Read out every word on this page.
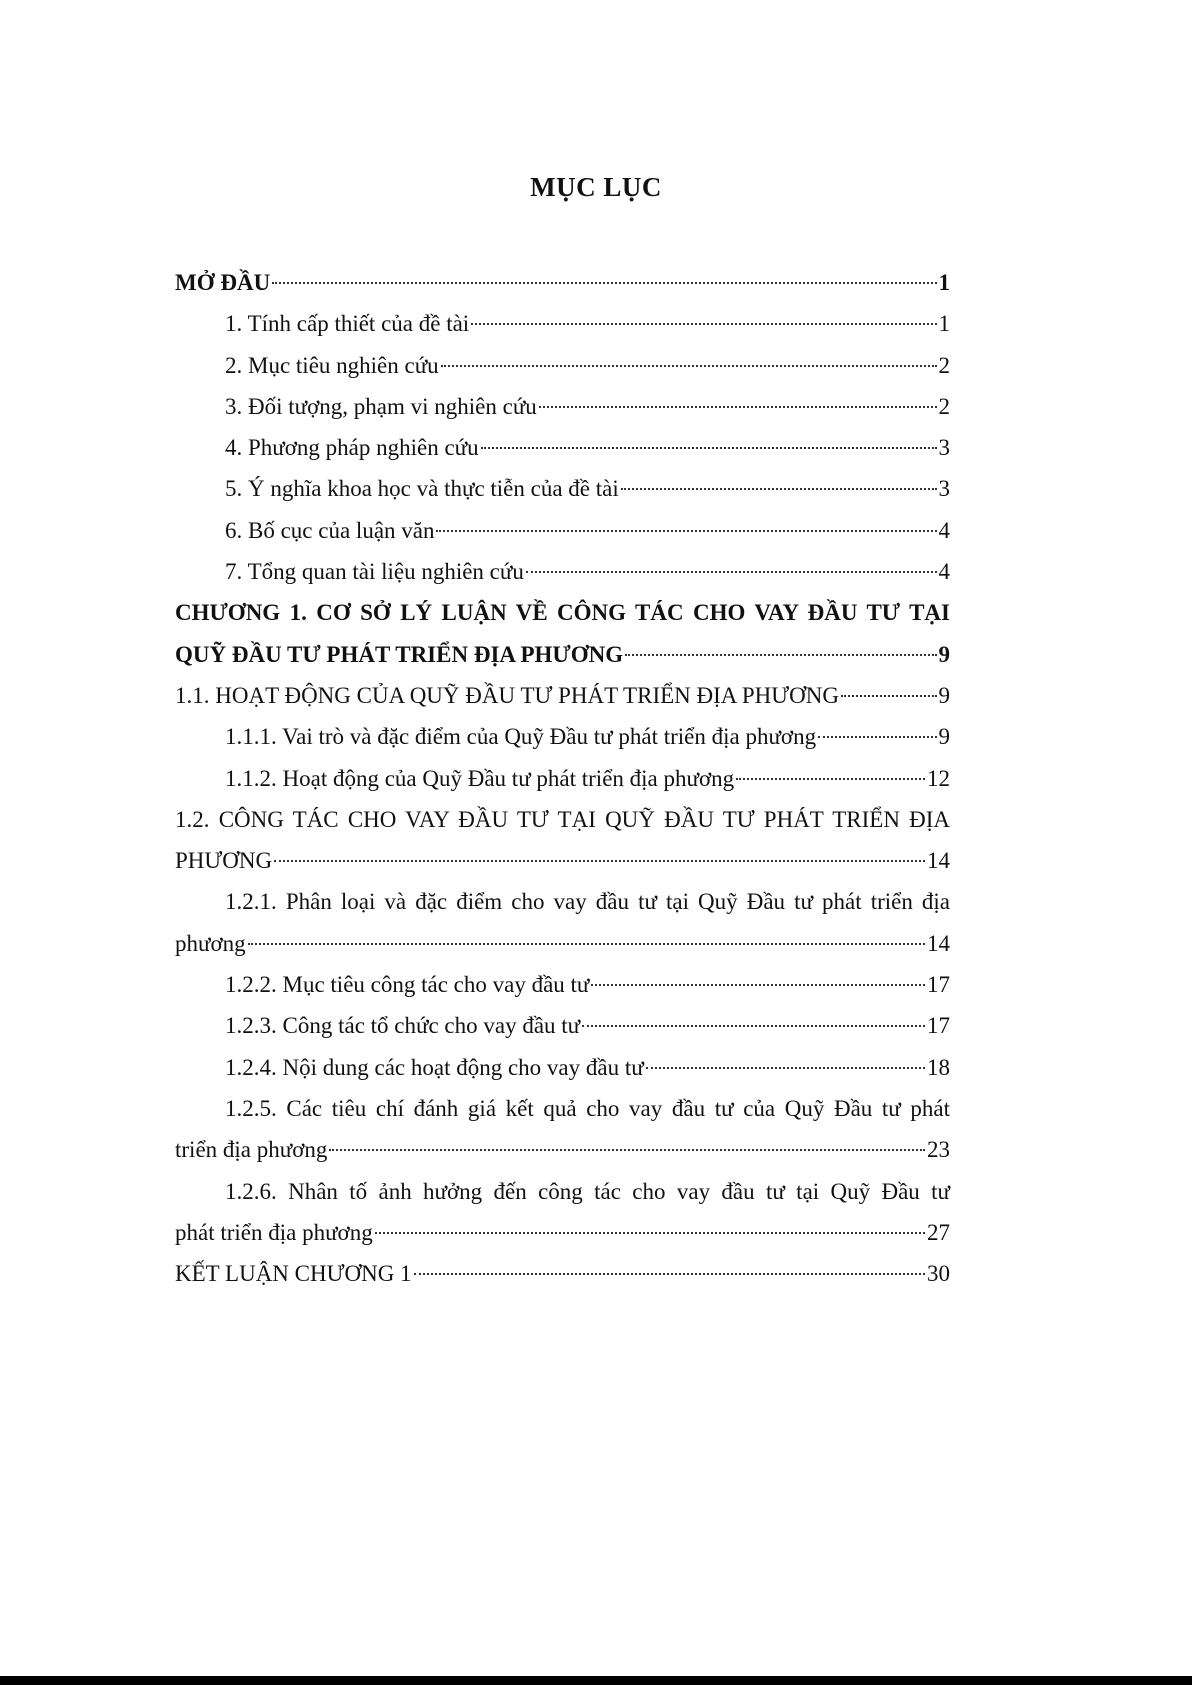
MỤC LỤC
MỞ ĐẦU	1
1. Tính cấp thiết của đề tài	1
2. Mục tiêu nghiên cứu	2
3. Đối tượng, phạm vi nghiên cứu	2
4. Phương pháp nghiên cứu	3
5. Ý nghĩa khoa học và thực tiễn của đề tài	3
6. Bố cục của luận văn	4
7. Tổng quan tài liệu nghiên cứu	4
CHƯƠNG 1. CƠ SỞ LÝ LUẬN VỀ CÔNG TÁC CHO VAY ĐẦU TƯ TẠI
QUỸ ĐẦU TƯ PHÁT TRIỂN ĐỊA PHƯƠNG	9
1.1. HOẠT ĐỘNG CỦA QUỸ ĐẦU TƯ PHÁT TRIỂN ĐỊA PHƯƠNG	9
1.1.1. Vai trò và đặc điểm của Quỹ Đầu tư phát triển địa phương	9
1.1.2. Hoạt động của Quỹ Đầu tư phát triển địa phương	12
1.2. CÔNG TÁC CHO VAY ĐẦU TƯ TẠI QUỸ ĐẦU TƯ PHÁT TRIỂN ĐỊA
PHƯƠNG	14
1.2.1. Phân loại và đặc điểm cho vay đầu tư tại Quỹ Đầu tư phát triển địa
phương	14
1.2.2. Mục tiêu công tác cho vay đầu tư	17
1.2.3. Công tác tổ chức cho vay đầu tư	17
1.2.4. Nội dung các hoạt động cho vay đầu tư	18
1.2.5. Các tiêu chí đánh giá kết quả cho vay đầu tư của Quỹ Đầu tư phát
triển địa phương	23
1.2.6. Nhân tố ảnh hưởng đến công tác cho vay đầu tư tại Quỹ Đầu tư
phát triển địa phương	27
KẾT LUẬN CHƯƠNG 1	30
